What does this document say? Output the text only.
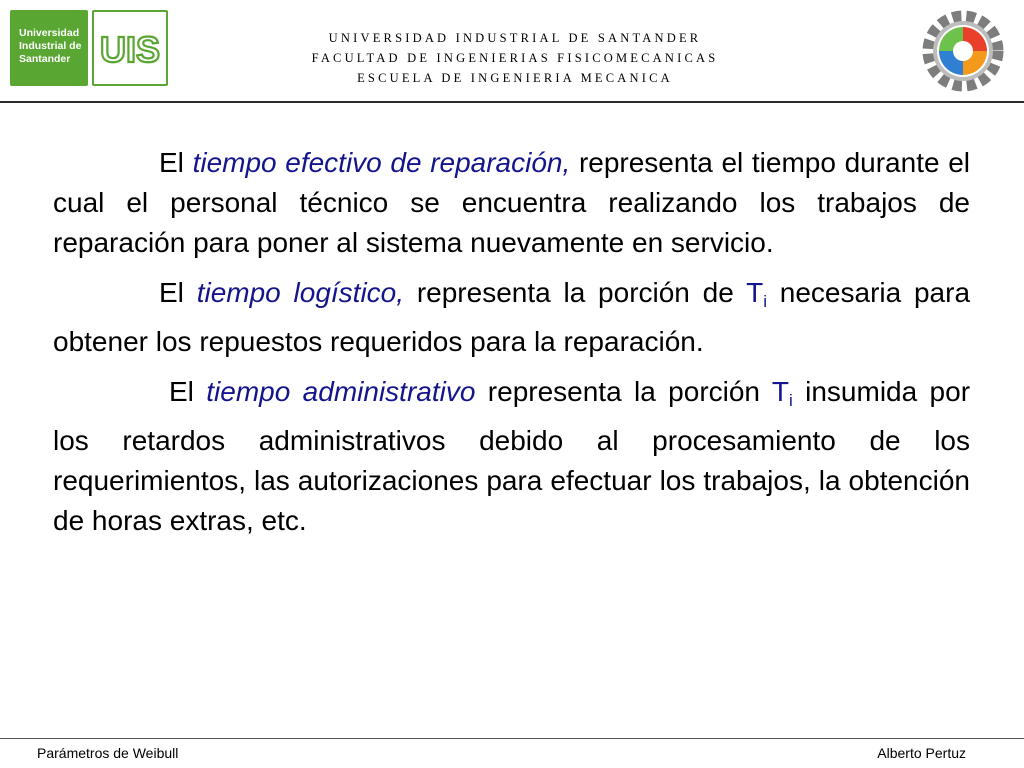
Universidad
Industrial de
Santander UIS	UNIVERSIDAD INDUSTRIAL DE SANTANDER
FACULTAD DE INGENIERIAS FISICOMECANICAS
ESCUELA DE INGENIERIA MECANICA

El tiempo efectivo de reparación, representa el tiempo durante el cual el personal técnico se encuentra realizando los trabajos de reparación para poner al sistema nuevamente en servicio.

El tiempo logístico, representa la porción de $T_i$ necesaria para obtener los repuestos requeridos para la reparación.

El tiempo administrativo representa la porción $T_i$ insumida por los retardos administrativos debido al procesamiento de los requerimientos, las autorizaciones para efectuar los trabajos, la obtención de horas extras, etc.

Parámetros de Weibull	Alberto Pertuz
